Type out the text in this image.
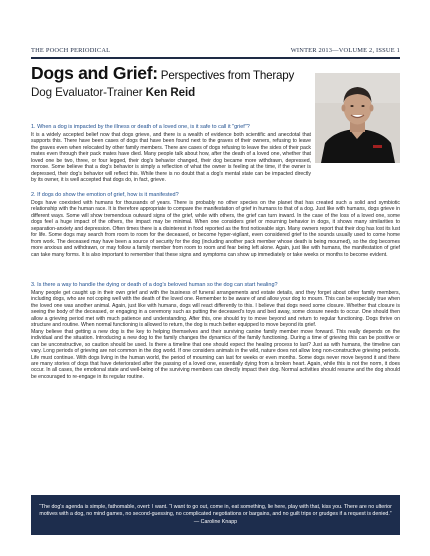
THE POOCH PERIODICAL	WINTER 2013—VOLUME 2, ISSUE 1
Dogs and Grief: Perspectives from Therapy
Dog Evaluator-Trainer Ken Reid
1. When a dog is impacted by the illness or death of a loved one, is it safe to call it "grief"?

It is a widely accepted belief now that dogs grieve, and there is a wealth of evidence both scientific and anecdotal that supports this. There have been cases of dogs that have been found next to the graves of their owners, refusing to leave the graves even when relocated by other family members. There are cases of dogs refusing to leave the sides of their pack mates even through their pack mates have died. Many people talk about how, after the death of a loved one, whether that loved one be two, three, or four legged, their dog's behavior changed, their dog became more withdrawn, depressed, morose. Some believe that a dog's behavior is simply a reflection of what the owner is feeling at the time, if the owner is depressed, their dog's behavior will reflect this. While there is no doubt that a dog's mental state can be impacted directly by its owner, it is well accepted that dogs do, in fact, grieve.

2. If dogs do show the emotion of grief, how is it manifested?

Dogs have coexisted with humans for thousands of years. There is probably no other species on the planet that has created such a solid and symbiotic relationship with the human race. It is therefore appropriate to compare the manifestation of grief in humans to that of a dog. Just like with humans, dogs grieve in different ways. Some will show tremendous outward signs of the grief, while with others, the grief can turn inward. In the case of the loss of a loved one, some dogs feel a huge impact of the others, the impact may be minimal. When one considers grief or mourning behavior in dogs, it shows many similarities to separation-anxiety and depression. Often times there is a disinterest in food reported as the first noticeable sign. Many owners report that their dog has lost its lust for life. Some dogs may search from room to room for the deceased, or become hyper-vigilant, even considered grief to the sounds usually used to come home from work. The deceased may have been a source of security for the dog (including another pack member whose death is being mourned), so the dog becomes more anxious and withdrawn, or may follow a family member from room to room and fear being left alone. Again, just like with humans, the manifestation of grief can take many forms. It is also important to remember that these signs and symptoms can show up immediately or take weeks or months to become evident.

3. Is there a way to handle the dying or death of a dog's beloved human so the dog can start healing?

Many people get caught up in their own grief and with the business of funeral arrangements and estate details, and they forget about other family members, including dogs, who are not coping well with the death of the loved one. Remember to be aware of and allow your dog to mourn. This can be especially true when the loved one was another animal. Again, just like with humans, dogs will react differently to this. I believe that dogs need some closure. Whether that closure is seeing the body of the deceased, or engaging in a ceremony such as putting the deceased's toys and bed away, some closure needs to occur. One should then allow a grieving period met with much patience and understanding. After this, one should try to move beyond and return to regular functioning. Dogs thrive on structure and routine. When normal functioning is allowed to return, the dog is much better equipped to move beyond its grief.

Many believe that getting a new dog is the key to helping themselves and their surviving canine family member move forward. This really depends on the individual and the situation. Introducing a new dog to the family changes the dynamics of the family functioning. During a time of grieving this can be positive or can be unconstructive, so caution should be used. Is there a timeline that one should expect the healing process to last? Just as with humans, the timeline can vary. Long periods of grieving are not common in the dog world. If one considers animals in the wild, nature does not allow long non-constructive grieving periods. Life must continue. With dogs living in the human world, the period of mourning can last for weeks or even months. Some dogs never move beyond it and there are many stories of dogs that have deteriorated after the passing of a loved one, essentially dying from a broken heart. Again, while this is not the norm, it does occur. In all cases, the emotional state and well-being of the surviving members can directly impact their dog. Normal activities should resume and the dog should be encouraged to re-engage in its regular routine.

“The dog's agenda is simple, fathomable, overt: I want. “I want to go out, come in, eat something, lie here, play with that, kiss you. There are no ulterior motives with a dog, no mind games, no second-guessing, no complicated negotiations or bargains, and no guilt trips or grudges if a request is denied.” — Caroline Knapp
